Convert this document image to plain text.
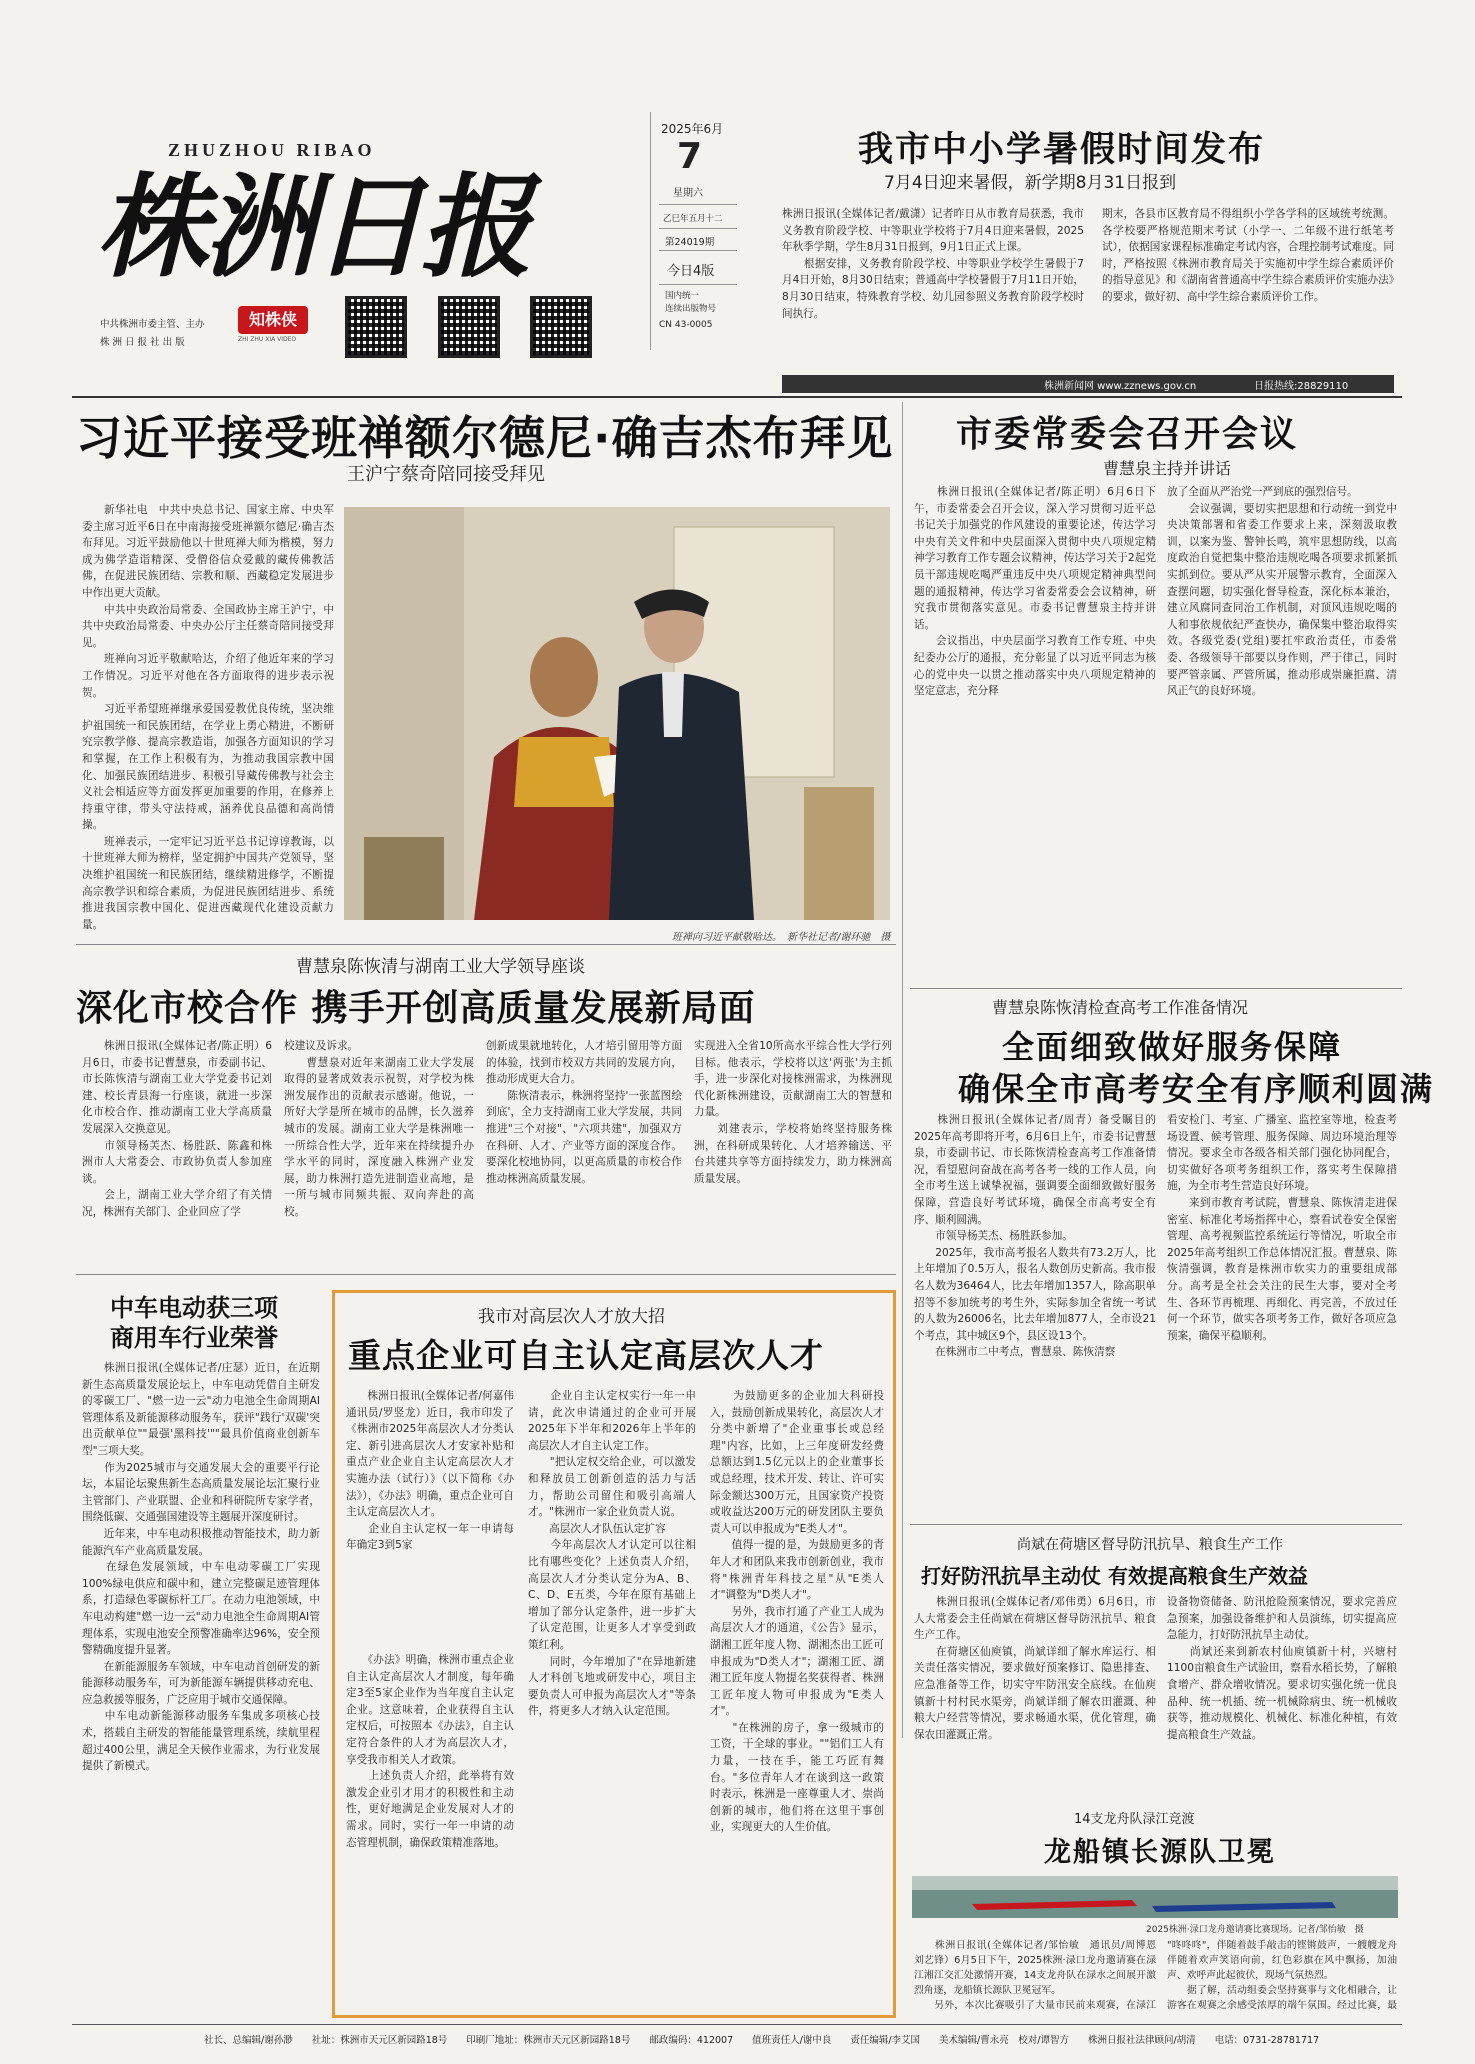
ZHUZHOU RIBAO
株洲日报
中共株洲市委主管、主办
株 洲 日 报 社 出 版
知株侠
ZHI ZHU XIA VIDEO
2025年6月
7
星期六
乙巳年五月十二
第24019期
今日4版
国内统一
连续出版物号
CN 43-0005
我市中小学暑假时间发布
7月4日迎来暑假，新学期8月31日报到
株洲日报讯(全媒体记者/戴潇）记者昨日从市教育局获悉，我市义务教育阶段学校、中等职业学校将于7月4日迎来暑假，2025年秋季学期，学生8月31日报到，9月1日正式上课。
　　根据安排，义务教育阶段学校、中等职业学校学生暑假于7月4日开始，8月30日结束；普通高中学校暑假于7月11日开始，8月30日结束，特殊教育学校、幼儿园参照义务教育阶段学校时间执行。
期末，各县市区教育局不得组织小学各学科的区域统考统测。各学校要严格规范期末考试（小学一、二年级不进行纸笔考试），依据国家课程标准确定考试内容，合理控制考试难度。同时，严格按照《株洲市教育局关于实施初中学生综合素质评价的指导意见》和《湖南省普通高中学生综合素质评价实施办法》的要求，做好初、高中学生综合素质评价工作。
株洲新闻网 www.zznews.gov.cn	日报热线:28829110
习近平接受班禅额尔德尼·确吉杰布拜见
王沪宁蔡奇陪同接受拜见
　　新华社电　中共中央总书记、国家主席、中央军委主席习近平6日在中南海接受班禅额尔德尼·确吉杰布拜见。习近平鼓励他以十世班禅大师为楷模，努力成为佛学造诣精深、受僧俗信众爱戴的藏传佛教活佛，在促进民族团结、宗教和顺、西藏稳定发展进步中作出更大贡献。
　　中共中央政治局常委、全国政协主席王沪宁，中共中央政治局常委、中央办公厅主任蔡奇陪同接受拜见。
　　班禅向习近平敬献哈达，介绍了他近年来的学习工作情况。习近平对他在各方面取得的进步表示祝贺。
　　习近平希望班禅继承爱国爱教优良传统，坚决维护祖国统一和民族团结，在学业上勇心精进，不断研究宗教学修、提高宗教造诣，加强各方面知识的学习和掌握，在工作上积极有为，为推动我国宗教中国化、加强民族团结进步、积极引导藏传佛教与社会主义社会相适应等方面发挥更加重要的作用，在修养上持重守律，带头守法持戒，涵养优良品德和高尚情操。
　　班禅表示，一定牢记习近平总书记谆谆教诲，以十世班禅大师为榜样，坚定拥护中国共产党领导，坚决维护祖国统一和民族团结，继续精进修学，不断提高宗教学识和综合素质，为促进民族团结进步、系统推进我国宗教中国化、促进西藏现代化建设贡献力量。

班禅向习近平献敬哈达。　新华社记者/谢环驰　摄
市委常委会召开会议
曹慧泉主持并讲话
　　株洲日报讯(全媒体记者/陈正明）6月6日下午，市委常委会召开会议，深入学习贯彻习近平总书记关于加强党的作风建设的重要论述，传达学习中央有关文件和中央层面深入贯彻中央八项规定精神学习教育工作专题会议精神，传达学习关于2起党员干部违规吃喝严重违反中央八项规定精神典型问题的通报精神，传达学习省委常委会会议精神，研究我市贯彻落实意见。市委书记曹慧泉主持并讲话。
　　会议指出，中央层面学习教育工作专班、中央纪委办公厅的通报，充分彰显了以习近平同志为核心的党中央一以贯之推动落实中央八项规定精神的坚定意志，充分释
放了全面从严治党一严到底的强烈信号。
　　会议强调，要切实把思想和行动统一到党中央决策部署和省委工作要求上来，深刻汲取教训，以案为鉴、警钟长鸣，筑牢思想防线，以高度政治自觉把集中整治违规吃喝各项要求抓紧抓实抓到位。要从严从实开展警示教育，全面深入查摆问题，切实强化督导检查，深化标本兼治，建立风腐同查同治工作机制，对顶风违规吃喝的人和事依规依纪严查快办，确保集中整治取得实效。各级党委(党组)要扛牢政治责任，市委常委、各级领导干部要以身作则，严于律己，同时要严管亲属、严管所属，推动形成崇廉拒腐、清风正气的良好环境。
曹慧泉陈恢清检查高考工作准备情况
全面细致做好服务保障
确保全市高考安全有序顺利圆满
　　株洲日报讯(全媒体记者/周青）备受瞩目的2025年高考即将开考，6月6日上午，市委书记曹慧泉，市委副书记、市长陈恢清检查高考工作准备情况，看望慰问奋战在高考各考一线的工作人员，向全市考生送上诚挚祝福，强调要全面细致做好服务保障，营造良好考试环境，确保全市高考安全有序、顺利圆满。
　　市领导杨芙杰、杨胜跃参加。
　　2025年，我市高考报名人数共有73.2万人，比上年增加了0.5万人，报名人数创历史新高。我市报名人数为36464人，比去年增加1357人，除高职单招等不参加统考的考生外，实际参加全省统一考试的人数为26006名，比去年增加877人，全市设21个考点，其中城区9个，县区设13个。
　　在株洲市二中考点，曹慧泉、陈恢清察
看安检门、考室、广播室、监控室等地，检查考场设置、候考管理、服务保障、周边环境治理等情况。要求全市各级各相关部门强化协同配合，切实做好各项考务组织工作，落实考生保障措施，为全市考生营造良好环境。
　　来到市教育考试院，曹慧泉、陈恢清走进保密室、标准化考场指挥中心，察看试卷安全保密管理、高考视频监控系统运行等情况，听取全市2025年高考组织工作总体情况汇报。曹慧泉、陈恢清强调，教育是株洲市软实力的重要组成部分。高考是全社会关注的民生大事，要对全考生、各环节再梳理、再细化、再完善，不放过任何一个环节，做实各项考务工作，做好各项应急预案，确保平稳顺利。
尚斌在荷塘区督导防汛抗旱、粮食生产工作
打好防汛抗旱主动仗 有效提高粮食生产效益
　　株洲日报讯(全媒体记者/邓伟勇）6月6日，市人大常委会主任尚斌在荷塘区督导防汛抗旱、粮食生产工作。
　　在荷塘区仙庾镇，尚斌详细了解水库运行、相关责任落实情况，要求做好预案修订、隐患排查、应急准备等工作，切实守牢防汛安全底线。在仙庾镇新十村村民水渠旁，尚斌详细了解农田灌溉、种粮大户经营等情况，要求畅通水渠，优化管理，确保农田灌溉正常。
设备物资储备、防汛抢险预案情况，要求完善应急预案，加强设备维护和人员演练，切实提高应急能力，打好防汛抗旱主动仗。
　　尚斌还来到新农村仙庾镇新十村，兴塘村1100亩粮食生产试验田，察看水稻长势，了解粮食增产、群众增收情况。要求切实强化统一优良品种、统一机插、统一机械除病虫、统一机械收获等，推动规模化、机械化、标准化种植，有效提高粮食生产效益。
14支龙舟队渌江竞渡
龙船镇长源队卫冕
2025株洲·渌口龙舟邀请赛比赛现场。记者/邹怡敏　摄
　　株洲日报讯(全媒体记者/邹怡敏　通讯员/周博恩　刘艺锋）6月5日下午，2025株洲·渌口龙舟邀请赛在渌江湘江交汇处激情开赛，14支龙舟队在渌水之间展开激烈角逐，龙船镇长源队卫冕冠军。
　　另外，本次比赛吸引了大量市民前来观赛，在渌江
"咚咚咚"，伴随着鼓手敲击的铿锵鼓声，一艘艘龙舟伴随着欢声笑语向前，红色彩旗在风中飘扬，加油声、欢呼声此起彼伏，现场气氛热烈。
　　据了解，活动组委会坚持赛事与文化相融合，让游客在观赛之余感受浓厚的端午氛围。经过比赛，最
曹慧泉陈恢清与湖南工业大学领导座谈
深化市校合作 携手开创高质量发展新局面
　　株洲日报讯(全媒体记者/陈正明）6月6日，市委书记曹慧泉，市委副书记、市长陈恢清与湖南工业大学党委书记刘建、校长青县海一行座谈，就进一步深化市校合作、推动湖南工业大学高质量发展深入交换意见。
　　市领导杨芙杰、杨胜跃、陈鑫和株洲市人大常委会、市政协负责人参加座谈。
　　会上，湖南工业大学介绍了有关情况，株洲有关部门、企业回应了学
校建议及诉求。
　　曹慧泉对近年来湖南工业大学发展取得的显著成效表示祝贺，对学校为株洲发展作出的贡献表示感谢。他说，一所好大学是所在城市的品牌，长久滋养城市的发展。湖南工业大学是株洲唯一一所综合性大学，近年来在持续提升办学水平的同时，深度融入株洲产业发展，助力株洲打造先进制造业高地，是一所与城市同频共振、双向奔赴的高校。
创新成果就地转化，人才培引留用等方面的体验，找到市校双方共同的发展方向，推动形成更大合力。
　　陈恢清表示，株洲将坚持'一张蓝图绘到底'，全力支持湖南工业大学发展，共同推进"三个对接"、"六项共建"，加强双方在科研、人才、产业等方面的深度合作。要深化校地协同，以更高质量的市校合作推动株洲高质量发展。
实现进入全省10所高水平综合性大学行列目标。他表示，学校将以这'两张'为主抓手，进一步深化对接株洲需求，为株洲现代化新株洲建设，贡献湖南工大的智慧和力量。
　　刘建表示，学校将始终坚持服务株洲，在科研成果转化、人才培养输送、平台共建共享等方面持续发力，助力株洲高质量发展。
中车电动获三项
商用车行业荣誉
　　株洲日报讯(全媒体记者/庄瑟）近日，在近期新生态高质量发展论坛上，中车电动凭借自主研发的零碳工厂、"燃一边一云"动力电池全生命周期AI管理体系及新能源移动服务车，获评"践行'双碳'突出贡献单位""最强'黑科技'""最具价值商业创新车型"三项大奖。
　　作为2025城市与交通发展大会的重要平行论坛，本届论坛聚焦新生态高质量发展论坛汇聚行业主管部门、产业联盟、企业和科研院所专家学者，围绕低碳、交通强国建设等主题展开深度研讨。
　　近年来，中车电动积极推动智能技术，助力新能源汽车产业高质量发展。
　　在绿色发展领域，中车电动零碳工厂实现100%绿电供应和碳中和，建立完整碳足迹管理体系，打造绿色零碳标杆工厂。在动力电池领域，中车电动构建"燃一边一云"动力电池全生命周期AI管理体系，实现电池安全预警准确率达96%，安全预警精确度提升显著。
　　在新能源服务车领域，中车电动首创研发的新能源移动服务车，可为新能源车辆提供移动充电、应急救援等服务，广泛应用于城市交通保障。
　　中车电动新能源移动服务车集成多项核心技术，搭载自主研发的智能能量管理系统，续航里程超过400公里，满足全天候作业需求，为行业发展提供了新模式。
我市对高层次人才放大招
重点企业可自主认定高层次人才
　　株洲日报讯(全媒体记者/何嘉伟　通讯员/罗竖龙）近日，我市印发了《株洲市2025年高层次人才分类认定、新引进高层次人才安家补贴和重点产业企业自主认定高层次人才实施办法（试行）》（以下简称《办法》），《办法》明确，重点企业可自主认定高层次人才。
　　企业自主认定权一年一申请每年确定3到5家
　　《办法》明确，株洲市重点企业自主认定高层次人才制度，每年确定3至5家企业作为当年度自主认定企业。这意味着，企业获得自主认定权后，可按照本《办法》，自主认定符合条件的人才为高层次人才，享受我市相关人才政策。
　　上述负责人介绍，此举将有效激发企业引才用才的积极性和主动性，更好地满足企业发展对人才的需求。同时，实行一年一申请的动态管理机制，确保政策精准落地。
　　企业自主认定权实行一年一申请，此次申请通过的企业可开展2025年下半年和2026年上半年的高层次人才自主认定工作。
　　"把认定权交给企业，可以激发和释放员工创新创造的活力与活力，帮助公司留住和吸引高端人才。"株洲市一家企业负责人说。
　　高层次人才队伍认定扩容
　　今年高层次人才认定可以往相比有哪些变化？上述负责人介绍，高层次人才分类认定分为A、B、C、D、E五类，今年在原有基础上增加了部分认定条件，进一步扩大了认定范围，让更多人才享受到政策红利。
　　同时，今年增加了"在异地新建人才科创飞地或研发中心，项目主要负责人可申报为高层次人才"等条件，将更多人才纳入认定范围。
　　为鼓励更多的企业加大科研投入，鼓励创新成果转化，高层次人才分类中新增了"企业重事长或总经理"内容，比如，上三年度研发经费总额达到1.5亿元以上的企业董事长或总经理，技术开发、转让、许可实际金额达300万元，且国家资产投资或收益达200万元的研发团队主要负责人可以申报成为"E类人才"。
　　值得一提的是，为鼓励更多的青年人才和团队来我市创新创业，我市将"株洲青年科技之星"从"E类人才"调整为"D类人才"。
　　另外，我市打通了产业工人成为高层次人才的通道，《公告》显示，湖湘工匠年度人物、湖湘杰出工匠可申报成为"D类人才"；湖湘工匠、湖湘工匠年度人物提名奖获得者、株洲工匠年度人物可申报成为"E类人才"。
　　"在株洲的房子，拿一级城市的工资，干全球的事业。""铝们工人有力量，一技在手，能工巧匠有舞台。"多位青年人才在谈到这一政策时表示，株洲是一座尊重人才、崇尚创新的城市，他们将在这里干事创业，实现更大的人生价值。
社长、总编辑/谢孙渺　　社址：株洲市天元区新园路18号　　印刷厂地址：株洲市天元区新园路18号　　邮政编码：412007　　值班责任人/谢中良　　责任编辑/李艾国　　美术编辑/曹永亮　校对/谭智方　　株洲日报社法律顾问/胡清　　电话：0731-28781717
